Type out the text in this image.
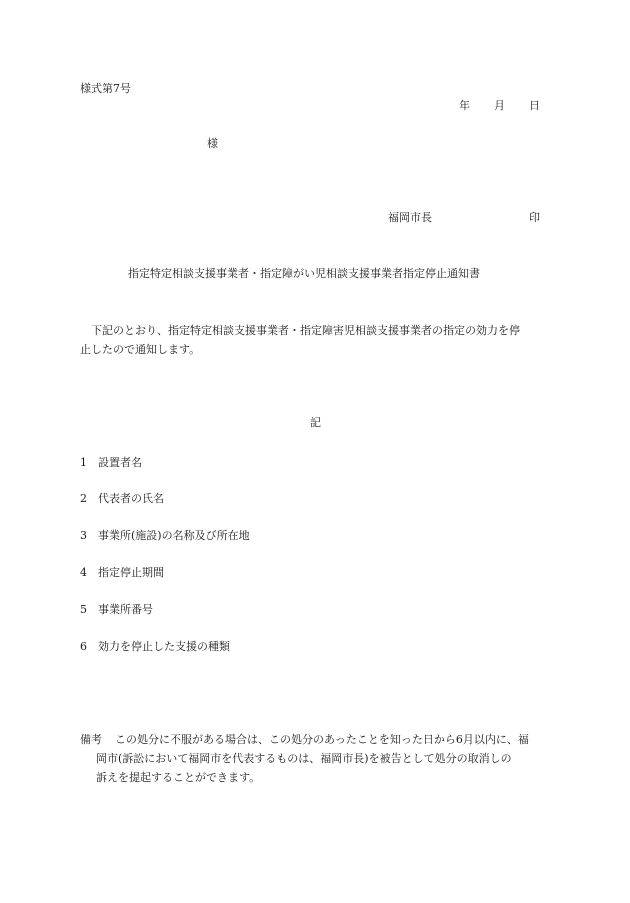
様式第7号
年 月 日
様
福岡市長	印
指定特定相談支援事業者・指定障がい児相談支援事業者指定停止通知書
下記のとおり、指定特定相談支援事業者・指定障害児相談支援事業者の指定の効力を停
止したので通知します。
記
1 設置者名
2 代表者の氏名
3 事業所(施設)の名称及び所在地
4 指定停止期間
5 事業所番号
6 効力を停止した支援の種類
備考 この処分に不服がある場合は、この処分のあったことを知った日から6月以内に、福
岡市(訴訟において福岡市を代表するものは、福岡市長)を被告として処分の取消しの
訴えを提起することができます。
